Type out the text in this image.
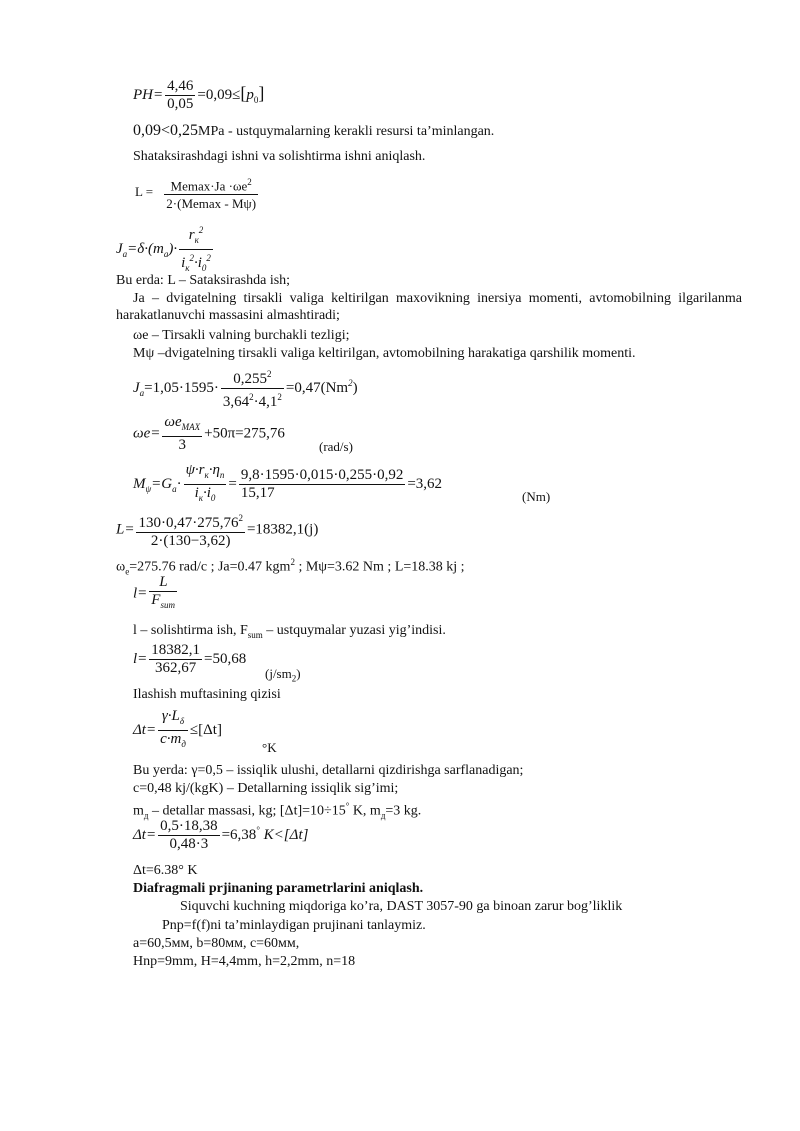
$PH= \frac{4,46}{0,05} =0,09\le[p_0]$
0,09<0,25MPa - ustquymalarning kerakli resursi ta’minlangan.
Shataksirashdagi ishni va solishtirma ishni aniqlash.
$L = \frac{Memax\cdot Ja \cdot\omega e^2}{2\cdot(Memax - M\psi)}$
$J_a=\delta\cdot(m_a)\cdot \frac{r_к^2}{i_к^2\cdot i_0^2}$
Bu erda: L – Sataksirashda ish;
Ja – dvigatelning tirsakli valiga keltirilgan maxovikning inersiya momenti, avtomobilning ilgarilanma harakatlanuvchi massasini almashtiradi;
ωe – Tirsakli valning burchakli tezligi;
Mψ –dvigatelning tirsakli valiga keltirilgan, avtomobilning harakatiga qarshilik momenti.
$J_a=1,05\cdot 1595\cdot \frac{0,255^2}{3,64^2\cdot 4,1^2} =0,47(Nm^2)$
$\omega e= \frac{\omega e_{MAX}}{3} +50\pi=275,76$
(rad/s)
$M_\psi=G_a\cdot \frac{\psi\cdot r_к\cdot\eta_п}{i_к\cdot i_0} = \frac{9,8\cdot 1595\cdot 0,015\cdot 0,255\cdot 0,92}{15,17} =3,62$
(Nm)
$L= \frac{130\cdot 0,47\cdot 275,76^2}{2\cdot(130-3,62)} =18382,1(j)$
$\omega_e=275.76$ rad/c ; Ja=0.47 kgm$^2$ ; Mψ=3.62 Nm ; L=18.38 kj ;
$l= \frac{L}{F_{sum}}$
l – solishtirma ish, $F_{sum}$ – ustquymalar yuzasi yig’indisi.
$l= \frac{18382,1}{362,67} =50,68$
$(j/sm_2)$
Ilashish muftasining qizisi
$\Delta t= \frac{\gamma\cdot L_\delta}{c\cdot m_д} \le[\Delta t]$
°K
Bu yerda: γ=0,5 – issiqlik ulushi, detallarni qizdirishga sarflanadigan;
c=0,48 kj/(kgK) – Detallarning issiqlik sig’imi;
$m_д$ – detallar massasi, kg; [Δt]=10÷15° K, $m_д=3$ kg.
$\Delta t= \frac{0,5\cdot 18,38}{0,48\cdot 3} =6,38^\circ$ K<[Δt]
Δt=6.38° K
Diafragmali prjinaning parametrlarini aniqlash.
Siquvchi kuchning miqdoriga ko’ra, DAST 3057-90 ga binoan zarur bog’liklik
Pnp=f(f)ni ta’minlaydigan prujinani tanlaymiz.
a=60,5мм, b=80мм, c=60мм,
Hnp=9mm, H=4,4mm, h=2,2mm, n=18
